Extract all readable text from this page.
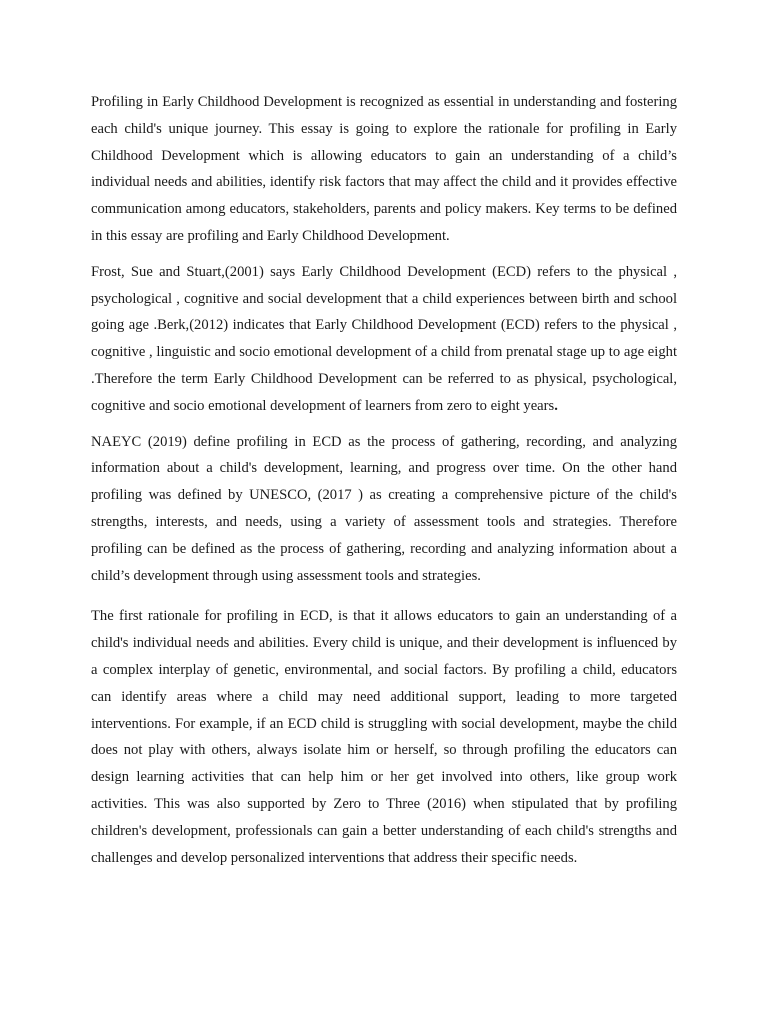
Profiling in Early Childhood Development is recognized as essential in understanding and fostering each child's unique journey. This essay is going to explore the rationale for profiling in Early Childhood Development which is allowing educators to gain an understanding of a child’s individual needs and abilities, identify risk factors that may affect the child and it provides effective communication among educators, stakeholders, parents and policy makers. Key terms to be defined in this essay are profiling and Early Childhood Development.

Frost, Sue and Stuart,(2001) says Early Childhood Development (ECD) refers to the physical , psychological , cognitive and social development that a child experiences between birth and school going age .Berk,(2012) indicates that Early Childhood Development (ECD) refers to the physical , cognitive , linguistic and socio emotional development of a child from prenatal stage up to age eight .Therefore the term Early Childhood Development can be referred to as physical, psychological, cognitive and socio emotional development of learners from zero to eight years.

NAEYC (2019) define profiling in ECD as the process of gathering, recording, and analyzing information about a child's development, learning, and progress over time. On the other hand profiling was defined by UNESCO, (2017 ) as creating a comprehensive picture of the child's strengths, interests, and needs, using a variety of assessment tools and strategies. Therefore profiling can be defined as the process of gathering, recording and analyzing information about a child’s development through using assessment tools and strategies.

The first rationale for profiling in ECD, is that it allows educators to gain an understanding of a child's individual needs and abilities. Every child is unique, and their development is influenced by a complex interplay of genetic, environmental, and social factors. By profiling a child, educators can identify areas where a child may need additional support, leading to more targeted interventions. For example, if an ECD child is struggling with social development, maybe the child does not play with others, always isolate him or herself, so through profiling the educators can design learning activities that can help him or her get involved into others, like group work activities. This was also supported by Zero to Three (2016) when stipulated that by profiling children's development, professionals can gain a better understanding of each child's strengths and challenges and develop personalized interventions that address their specific needs.
